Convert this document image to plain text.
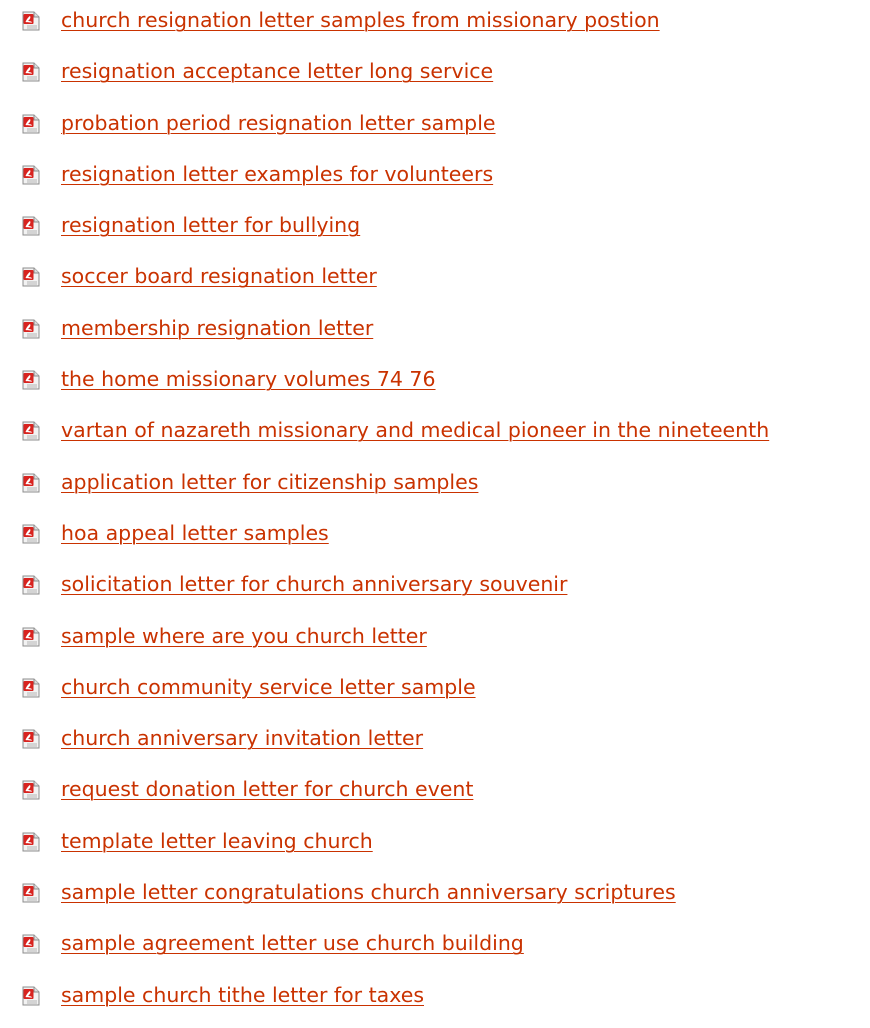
church resignation letter samples from missionary postion
resignation acceptance letter long service
probation period resignation letter sample
resignation letter examples for volunteers
resignation letter for bullying
soccer board resignation letter
membership resignation letter
the home missionary volumes 74 76
vartan of nazareth missionary and medical pioneer in the nineteenth
application letter for citizenship samples
hoa appeal letter samples
solicitation letter for church anniversary souvenir
sample where are you church letter
church community service letter sample
church anniversary invitation letter
request donation letter for church event
template letter leaving church
sample letter congratulations church anniversary scriptures
sample agreement letter use church building
sample church tithe letter for taxes
